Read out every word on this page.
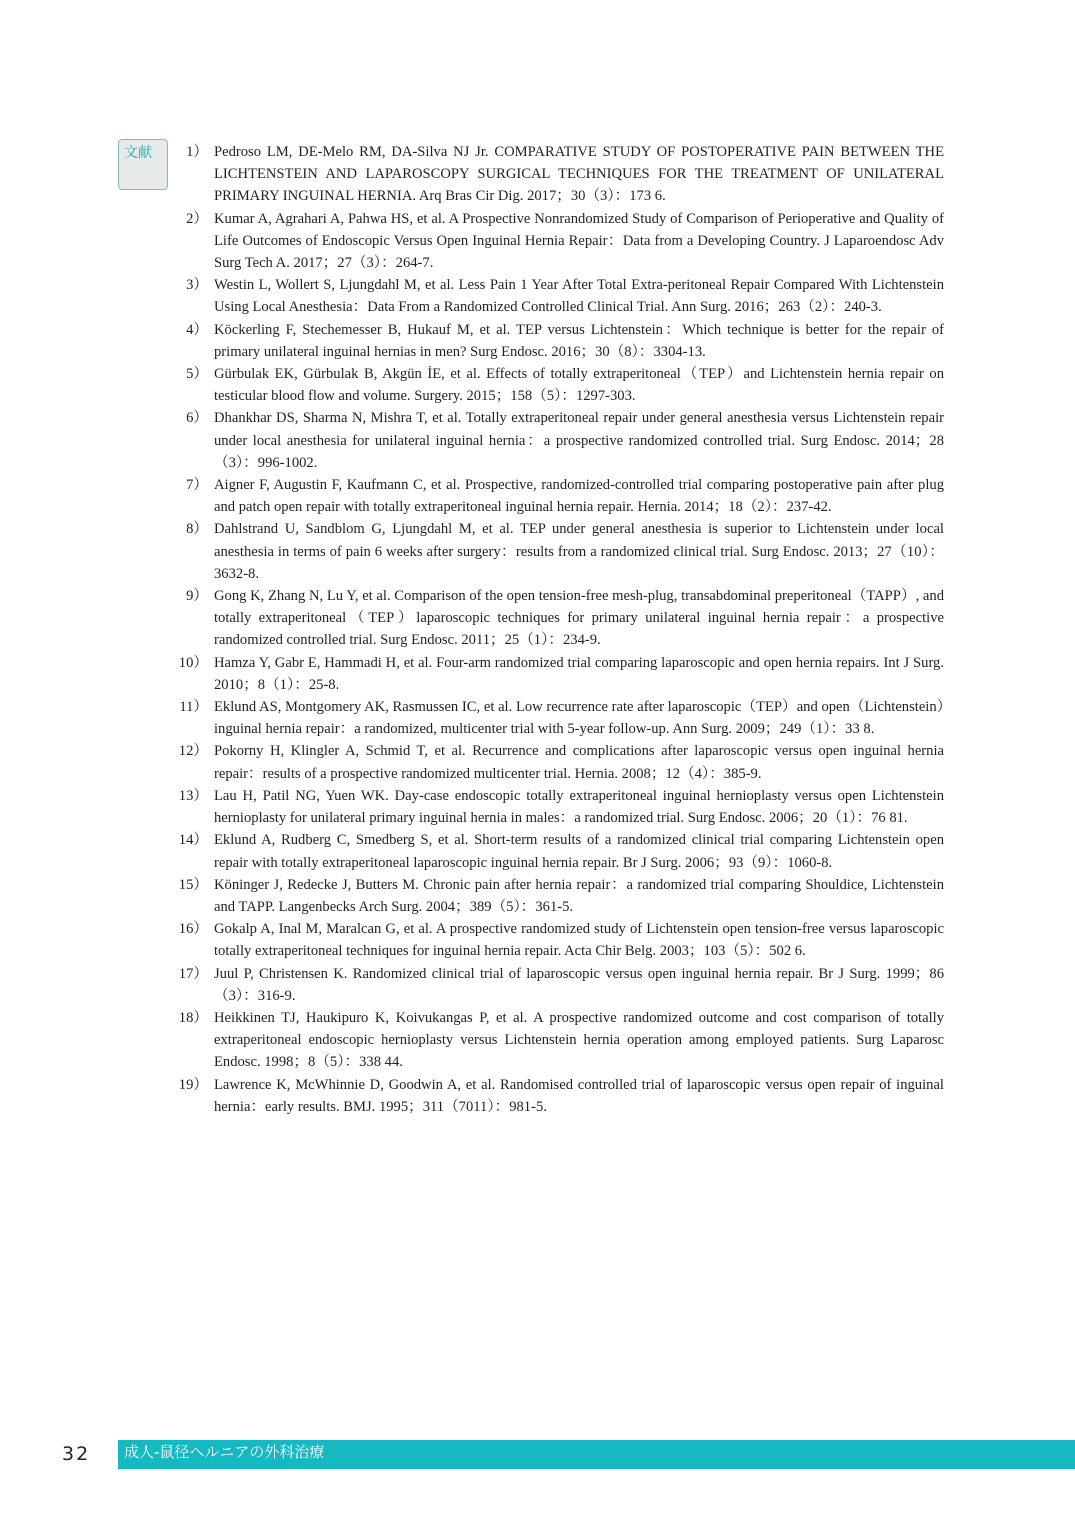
文献	1） Pedroso LM, DE-Melo RM, DA-Silva NJ Jr. COMPARATIVE STUDY OF POSTOPERATIVE PAIN BETWEEN THE LICHTENSTEIN AND LAPAROSCOPY SURGICAL TECHNIQUES FOR THE TREATMENT OF UNILATERAL PRIMARY INGUINAL HERNIA. Arq Bras Cir Dig. 2017；30（3）：173 6.
2） Kumar A, Agrahari A, Pahwa HS, et al. A Prospective Nonrandomized Study of Comparison of Perioperative and Quality of Life Outcomes of Endoscopic Versus Open Inguinal Hernia Repair：Data from a Developing Country. J Laparoendosc Adv Surg Tech A. 2017；27（3）：264-7.
3） Westin L, Wollert S, Ljungdahl M, et al. Less Pain 1 Year After Total Extra-peritoneal Repair Compared With Lichtenstein Using Local Anesthesia：Data From a Randomized Controlled Clinical Trial. Ann Surg. 2016；263（2）：240-3.
4） Köckerling F, Stechemesser B, Hukauf M, et al. TEP versus Lichtenstein：Which technique is better for the repair of primary unilateral inguinal hernias in men? Surg Endosc. 2016；30（8）：3304-13.
5） Gürbulak EK, Gürbulak B, Akgün İE, et al. Effects of totally extraperitoneal（TEP）and Lichtenstein hernia repair on testicular blood flow and volume. Surgery. 2015；158（5）：1297-303.
6） Dhankhar DS, Sharma N, Mishra T, et al. Totally extraperitoneal repair under general anesthesia versus Lichtenstein repair under local anesthesia for unilateral inguinal hernia：a prospective randomized controlled trial. Surg Endosc. 2014；28（3）：996-1002.
7） Aigner F, Augustin F, Kaufmann C, et al. Prospective, randomized-controlled trial comparing postoperative pain after plug and patch open repair with totally extraperitoneal inguinal hernia repair. Hernia. 2014；18（2）：237-42.
8） Dahlstrand U, Sandblom G, Ljungdahl M, et al. TEP under general anesthesia is superior to Lichtenstein under local anesthesia in terms of pain 6 weeks after surgery：results from a randomized clinical trial. Surg Endosc. 2013；27（10）：3632-8.
9） Gong K, Zhang N, Lu Y, et al. Comparison of the open tension-free mesh-plug, transabdominal preperitoneal（TAPP）, and totally extraperitoneal（TEP）laparoscopic techniques for primary unilateral inguinal hernia repair：a prospective randomized controlled trial. Surg Endosc. 2011；25（1）：234-9.
10） Hamza Y, Gabr E, Hammadi H, et al. Four-arm randomized trial comparing laparoscopic and open hernia repairs. Int J Surg. 2010；8（1）：25-8.
11） Eklund AS, Montgomery AK, Rasmussen IC, et al. Low recurrence rate after laparoscopic（TEP）and open（Lichtenstein）inguinal hernia repair：a randomized, multicenter trial with 5-year follow-up. Ann Surg. 2009；249（1）：33 8.
12） Pokorny H, Klingler A, Schmid T, et al. Recurrence and complications after laparoscopic versus open inguinal hernia repair：results of a prospective randomized multicenter trial. Hernia. 2008；12（4）：385-9.
13） Lau H, Patil NG, Yuen WK. Day-case endoscopic totally extraperitoneal inguinal hernioplasty versus open Lichtenstein hernioplasty for unilateral primary inguinal hernia in males：a randomized trial. Surg Endosc. 2006；20（1）：76 81.
14） Eklund A, Rudberg C, Smedberg S, et al. Short-term results of a randomized clinical trial comparing Lichtenstein open repair with totally extraperitoneal laparoscopic inguinal hernia repair. Br J Surg. 2006；93（9）：1060-8.
15） Köninger J, Redecke J, Butters M. Chronic pain after hernia repair：a randomized trial comparing Shouldice, Lichtenstein and TAPP. Langenbecks Arch Surg. 2004；389（5）：361-5.
16） Gokalp A, Inal M, Maralcan G, et al. A prospective randomized study of Lichtenstein open tension-free versus laparoscopic totally extraperitoneal techniques for inguinal hernia repair. Acta Chir Belg. 2003；103（5）：502 6.
17） Juul P, Christensen K. Randomized clinical trial of laparoscopic versus open inguinal hernia repair. Br J Surg. 1999；86（3）：316-9.
18） Heikkinen TJ, Haukipuro K, Koivukangas P, et al. A prospective randomized outcome and cost comparison of totally extraperitoneal endoscopic hernioplasty versus Lichtenstein hernia operation among employed patients. Surg Laparosc Endosc. 1998；8（5）：338 44.
19） Lawrence K, McWhinnie D, Goodwin A, et al. Randomised controlled trial of laparoscopic versus open repair of inguinal hernia：early results. BMJ. 1995；311（7011）：981-5.
32 成人-鼠径ヘルニアの外科治療
